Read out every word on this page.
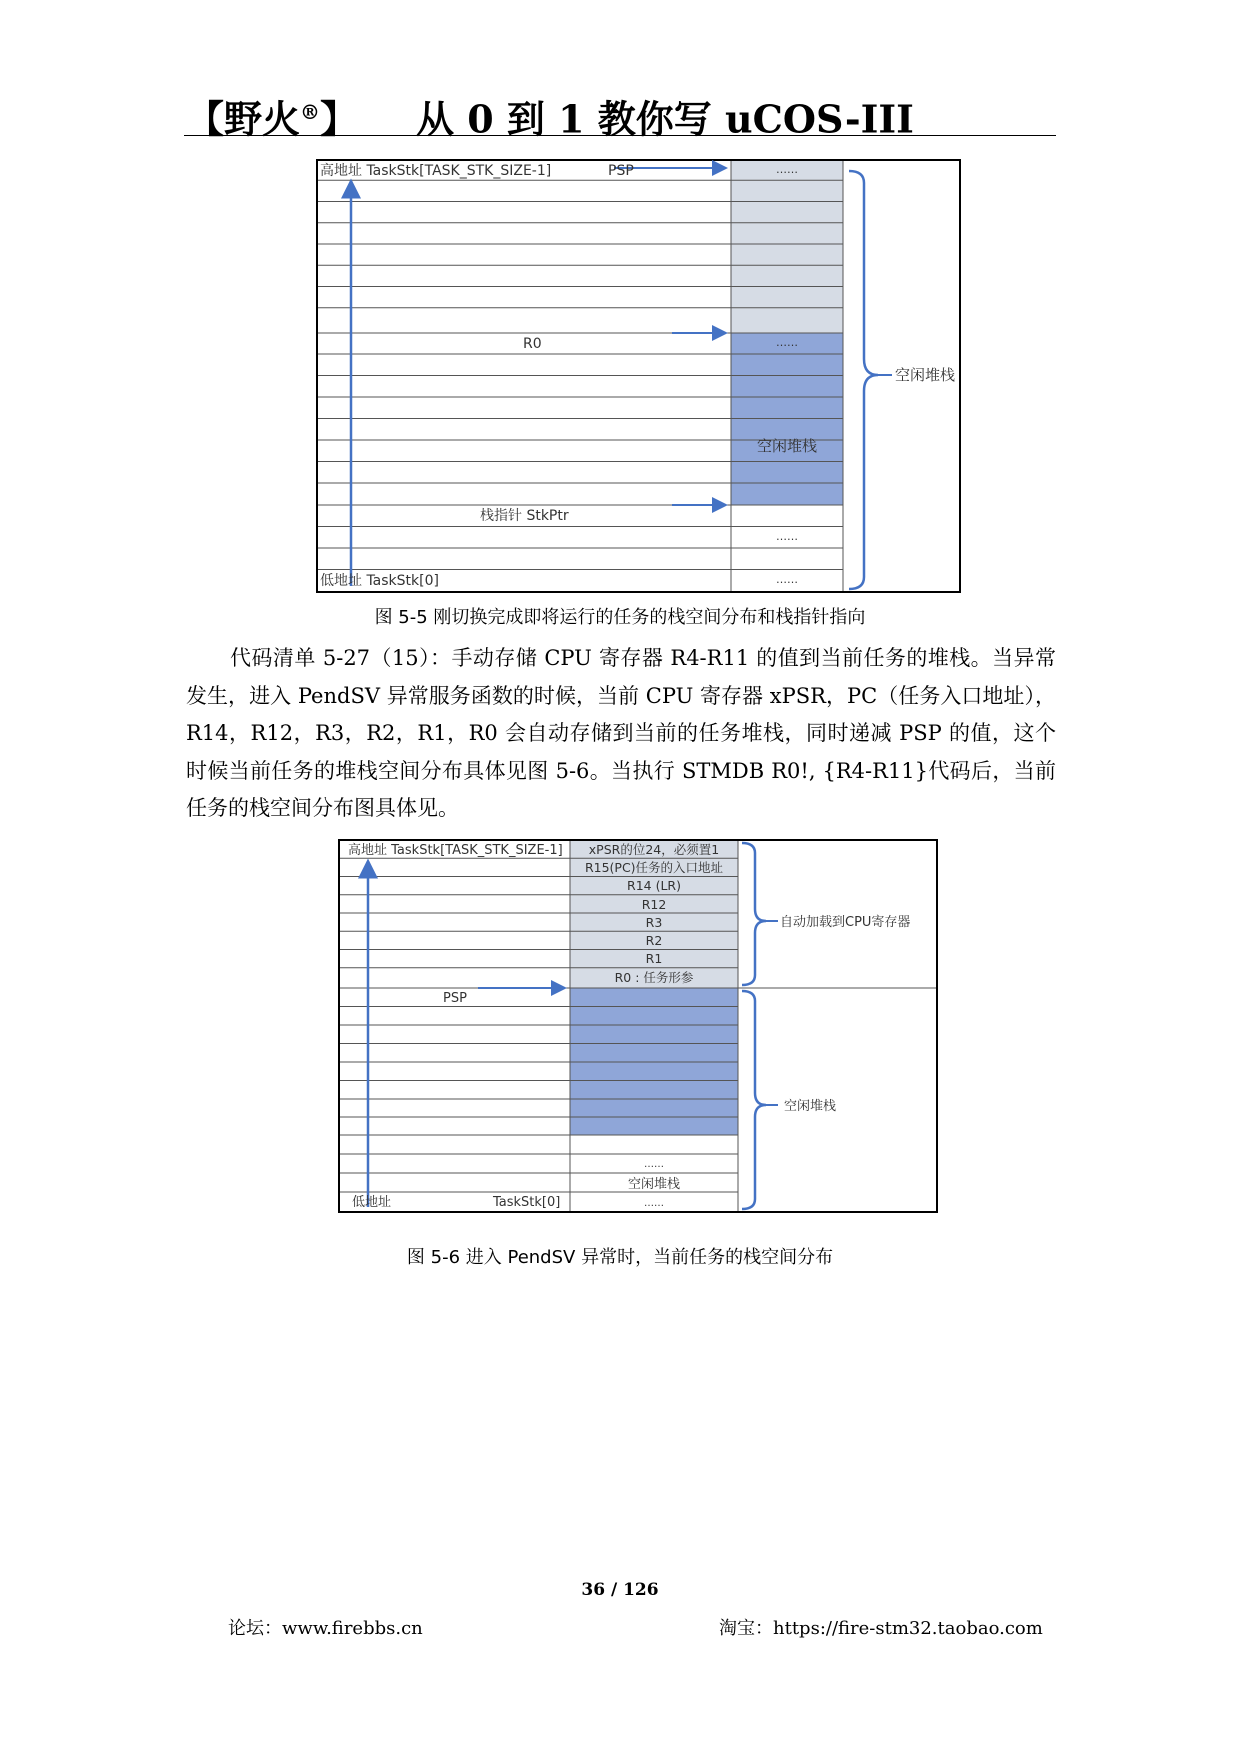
【野火®】 从 0 到 1 教你写 uCOS-III
高地址 TaskStk[TASK_STK_SIZE-1]	PSP
R0
栈指针 StkPtr
低地址 TaskStk[0]
……
……
空闲堆栈
……
……
空闲堆栈
图 5-5 刚切换完成即将运行的任务的栈空间分布和栈指针指向

代码清单 5-27（15）：手动存储 CPU 寄存器 R4-R11 的值到当前任务的堆栈。当异常发生，进入 PendSV 异常服务函数的时候，当前 CPU 寄存器 xPSR，PC（任务入口地址），R14，R12，R3，R2，R1，R0 会自动存储到当前的任务堆栈，同时递减 PSP 的值，这个时候当前任务的堆栈空间分布具体见图 5-6。当执行 STMDB R0!, {R4-R11}代码后，当前任务的栈空间分布图具体见。

高地址 TaskStk[TASK_STK_SIZE-1]
PSP
低地址	TaskStk[0]
xPSR的位24，必须置1
R15(PC)任务的入口地址
R14 (LR)
R12
R3
R2
R1
R0 : 任务形参
……
空闲堆栈
……
自动加载到CPU寄存器
空闲堆栈
图 5-6 进入 PendSV 异常时，当前任务的栈空间分布
36 / 126
论坛：www.firebbs.cn	淘宝：https://fire-stm32.taobao.com
